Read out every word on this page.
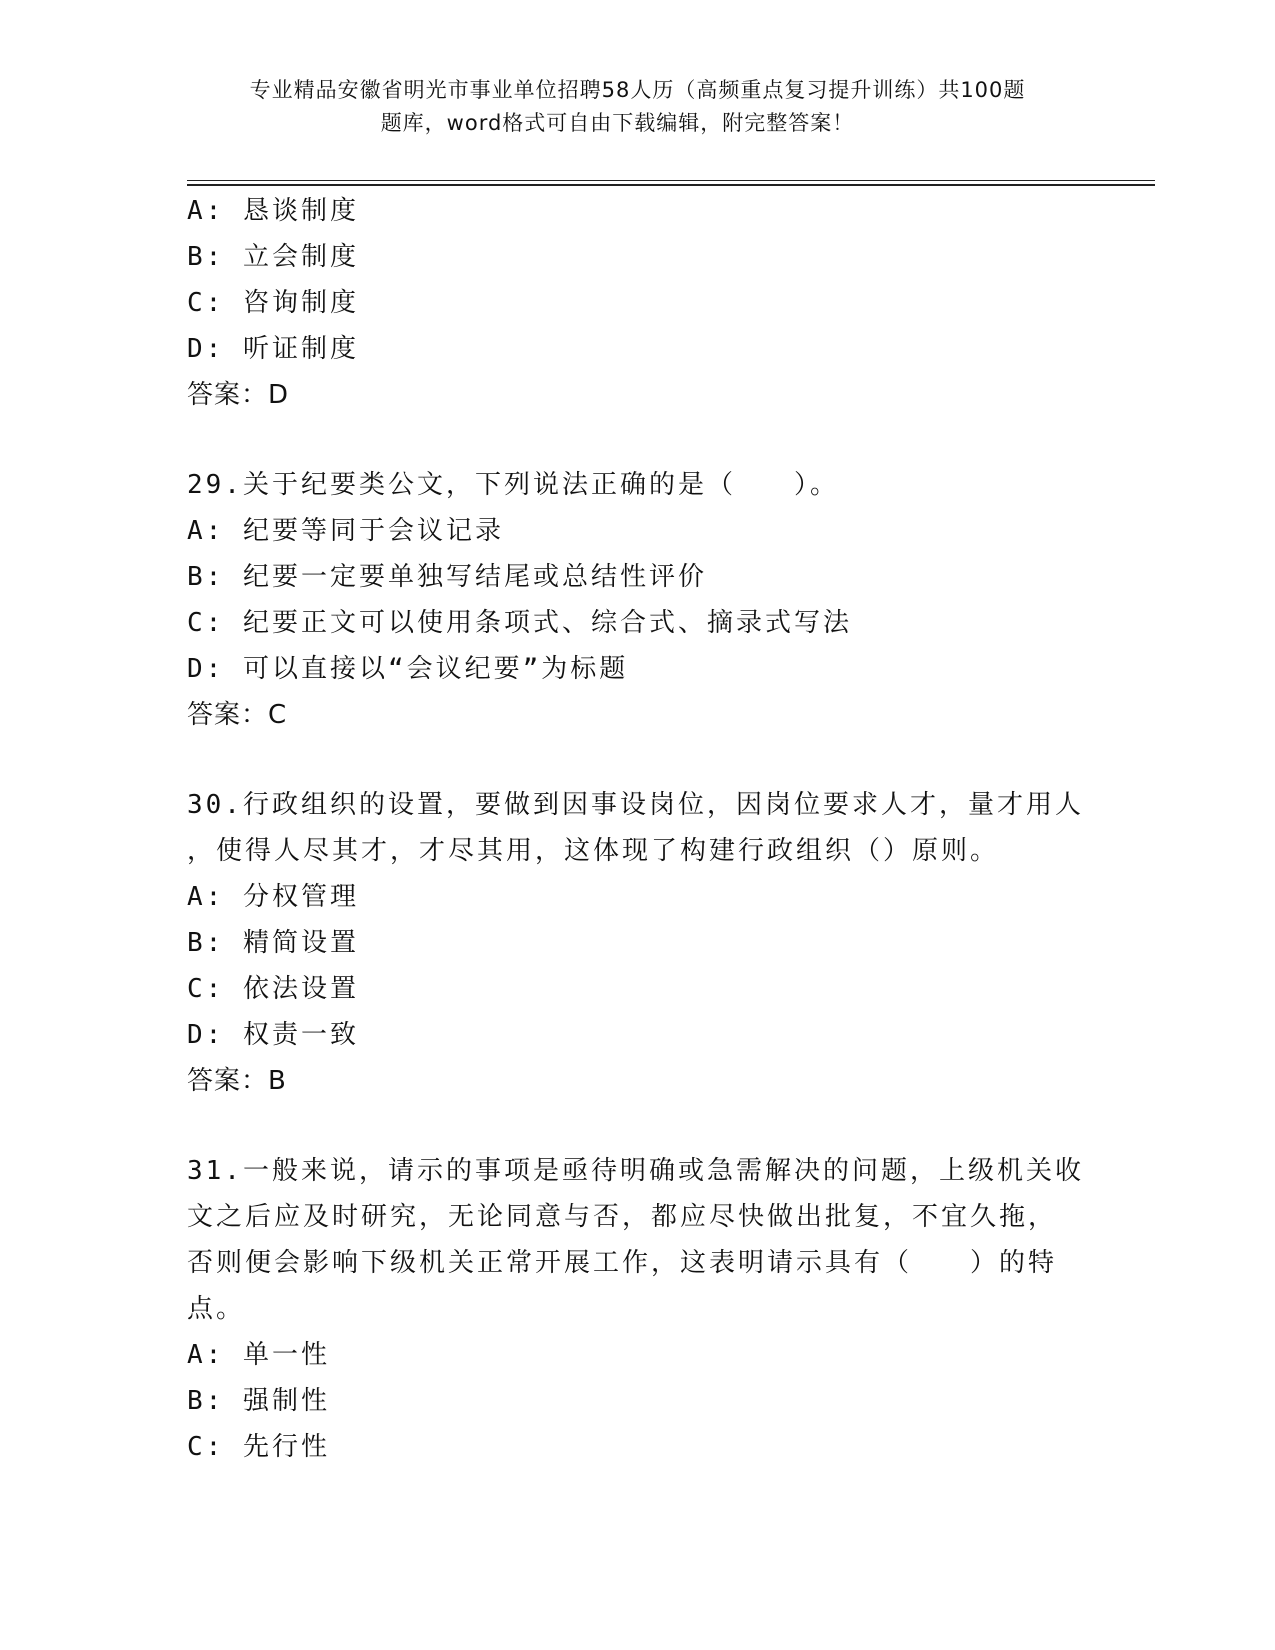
专业精品安徽省明光市事业单位招聘58人历（高频重点复习提升训练）共100题
题库，word格式可自由下载编辑，附完整答案！
A: 恳谈制度
B: 立会制度
C: 咨询制度
D: 听证制度
答案：D
29.关于纪要类公文，下列说法正确的是（　　）。
A: 纪要等同于会议记录
B: 纪要一定要单独写结尾或总结性评价
C: 纪要正文可以使用条项式、综合式、摘录式写法
D: 可以直接以“会议纪要”为标题
答案：C
30.行政组织的设置，要做到因事设岗位，因岗位要求人才，量才用人
，使得人尽其才，才尽其用，这体现了构建行政组织（）原则。
A: 分权管理
B: 精简设置
C: 依法设置
D: 权责一致
答案：B
31.一般来说，请示的事项是亟待明确或急需解决的问题，上级机关收
文之后应及时研究，无论同意与否，都应尽快做出批复，不宜久拖，
否则便会影响下级机关正常开展工作，这表明请示具有（　　）的特
点。
A: 单一性
B: 强制性
C: 先行性
